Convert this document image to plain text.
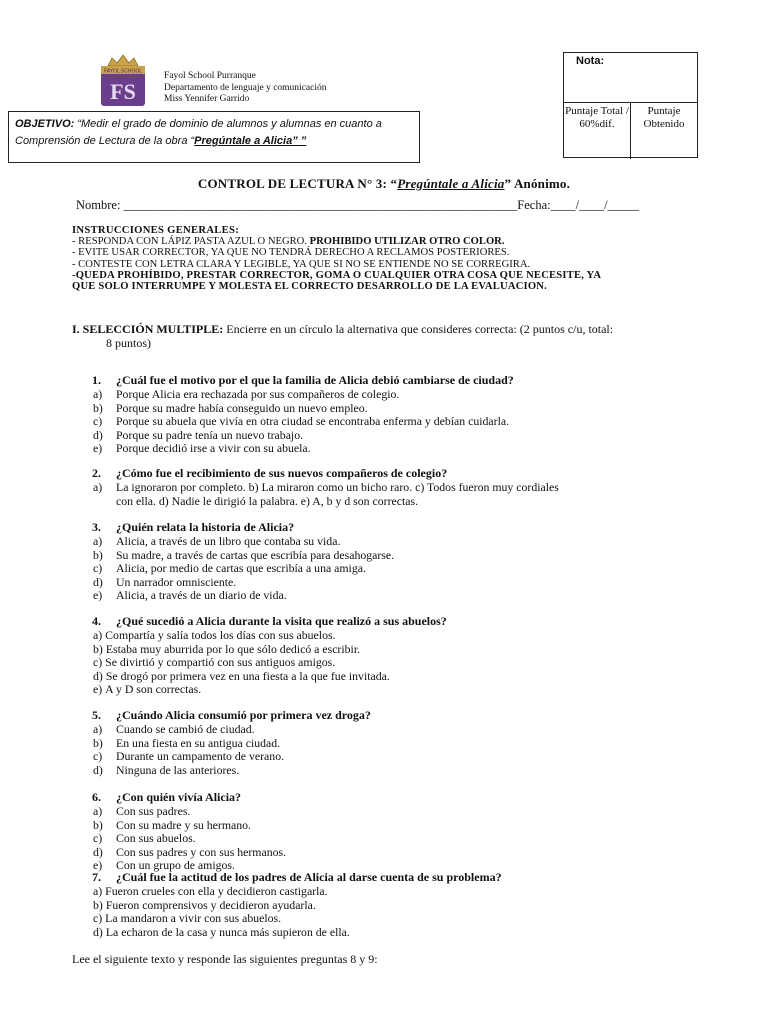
FAYOL SCHOOL
FS
Fayol School Purranque
Departamento de lenguaje y comunicación
Miss Yennifer Garrido
OBJETIVO: “Medir el grado de dominio de alumnos y alumnas en cuanto a Comprensión de Lectura de la obra “Pregúntale a Alicia” ”
Nota:
Puntaje Total / 60%dif.
Puntaje Obtenido
CONTROL DE LECTURA N° 3: “Pregúntale a Alicia” Anónimo.
Nombre: _______________________________________________________________Fecha:____/____/_____
INSTRUCCIONES GENERALES:
- RESPONDA CON LÁPIZ PASTA AZUL O NEGRO. PROHIBIDO UTILIZAR OTRO COLOR.
- EVITE USAR CORRECTOR, YA QUE NO TENDRÁ DERECHO A RECLAMOS POSTERIORES.
- CONTESTE CON LETRA CLARA Y LEGIBLE, YA QUE SI NO SE ENTIENDE NO SE CORREGIRA.
-QUEDA PROHÍBIDO, PRESTAR CORRECTOR, GOMA O CUALQUIER OTRA COSA QUE NECESITE, YA
QUE SOLO INTERRUMPE Y MOLESTA EL CORRECTO DESARROLLO DE LA EVALUACION.
I. SELECCIÓN MULTIPLE: Encierre en un círculo la alternativa que consideres correcta: (2 puntos c/u, total:
8 puntos)
1. ¿Cuál fue el motivo por el que la familia de Alicia debió cambiarse de ciudad?
a) Porque Alicia era rechazada por sus compañeros de colegio.
b) Porque su madre había conseguido un nuevo empleo.
c) Porque su abuela que vivía en otra ciudad se encontraba enferma y debían cuidarla.
d) Porque su padre tenía un nuevo trabajo.
e) Porque decidió irse a vivir con su abuela.
2. ¿Cómo fue el recibimiento de sus nuevos compañeros de colegio?
a) La ignoraron por completo. b) La miraron como un bicho raro. c) Todos fueron muy cordiales
con ella. d) Nadie le dirigió la palabra. e) A, b y d son correctas.
3. ¿Quién relata la historia de Alicia?
a) Alicia, a través de un libro que contaba su vida.
b) Su madre, a través de cartas que escribía para desahogarse.
c) Alicia, por medio de cartas que escribía a una amiga.
d) Un narrador omnisciente.
e) Alicia, a través de un diario de vida.
4. ¿Qué sucedió a Alicia durante la visita que realizó a sus abuelos?
a) Compartía y salía todos los días con sus abuelos.
b) Estaba muy aburrida por lo que sólo dedicó a escribir.
c) Se divirtió y compartió con sus antiguos amigos.
d) Se drogó por primera vez en una fiesta a la que fue invitada.
e) A y D son correctas.
5. ¿Cuándo Alicia consumió por primera vez droga?
a) Cuando se cambió de ciudad.
b) En una fiesta en su antigua ciudad.
c) Durante un campamento de verano.
d) Ninguna de las anteriores.
6. ¿Con quién vivía Alicia?
a) Con sus padres.
b) Con su madre y su hermano.
c) Con sus abuelos.
d) Con sus padres y con sus hermanos.
e) Con un grupo de amigos.
7. ¿Cuál fue la actitud de los padres de Alicia al darse cuenta de su problema?
a) Fueron crueles con ella y decidieron castigarla.
b) Fueron comprensivos y decidieron ayudarla.
c) La mandaron a vivir con sus abuelos.
d) La echaron de la casa y nunca más supieron de ella.
Lee el siguiente texto y responde las siguientes preguntas 8 y 9:
